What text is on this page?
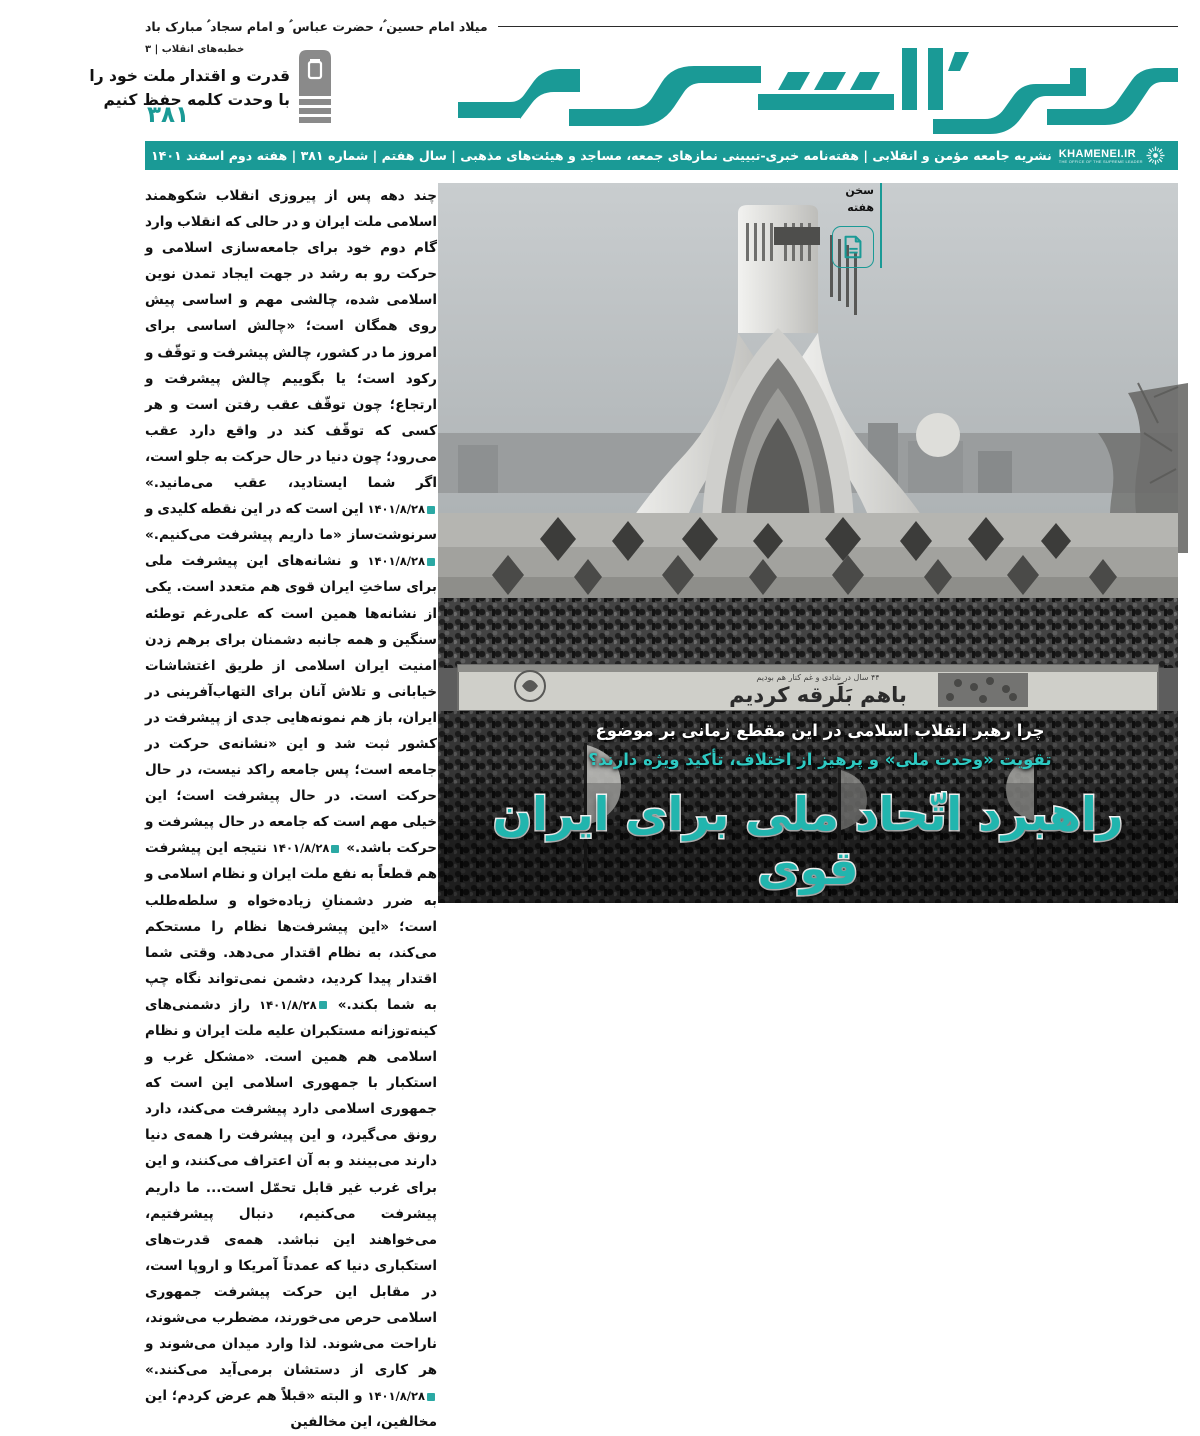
میلاد امام حسین ؑ، حضرت عباس ؑ و امام سجاد ؑ مبارک باد
۳۸۱
خطبه‌های انقلاب | ۳
قدرت و اقتدار ملت خود را
با وحدت کلمه حفظ کنیم
نشریه جامعه مؤمن و انقلابی | هفته‌نامه خبری-تبیینی نمازهای جمعه، مساجد و هیئت‌های مذهبی | سال هفتم | شماره ۳۸۱ | هفته دوم اسفند ۱۴۰۱ KHAMENEI.IR
THE OFFICE OF THE SUPREME LEADER
باهم بَلَرقه کردیم
۴۴ سال در شادی و غم کنار هم بودیم
چرا رهبر انقلاب اسلامی در این مقطع زمانی بر موضوع
تقویت «وحدت ملی» و پرهیز از اختلاف، تأکید ویژه دارند؟
راهبرد اتّحاد ملی برای ایران قوی
سخن
هفته

چند دهه پس از پیروزی انقلاب شکوهمند اسلامی ملت ایران و در حالی که انقلاب وارد گام دوم خود برای جامعه‌سازی اسلامی و حرکت رو به رشد در جهت ایجاد تمدن نوین اسلامی شده، چالشی مهم و اساسی پیش روی همگان است؛ «چالش اساسی برای امروز ما در کشور، چالش پیشرفت و توقّف و رکود است؛ یا بگوییم چالش پیشرفت و ارتجاع؛ چون توقّف عقب رفتن است و هر کسی که توقّف کند در واقع دارد عقب می‌رود؛ چون دنیا در حال حرکت به جلو است، اگر شما ایستادید، عقب می‌مانید.» ۱۴۰۱/۸/۲۸ این است که در این نقطه کلیدی و سرنوشت‌ساز «ما داریم پیشرفت می‌کنیم.» ۱۴۰۱/۸/۲۸ و نشانه‌های این پیشرفت ملی برای ساختِ ایران قوی هم متعدد است. یکی از نشانه‌ها همین است که علی‌رغم توطئه سنگین و همه جانبه دشمنان برای برهم زدن امنیت ایران اسلامی از طریق اغتشاشات خیابانی و تلاش آنان برای التهاب‌آفرینی در ایران، باز هم نمونه‌هایی جدی از پیشرفت در کشور ثبت شد و این «نشانه‌ی حرکت در جامعه است؛ پس جامعه راکد نیست، در حال حرکت است. در حال پیشرفت است؛ این خیلی مهم است که جامعه در حال پیشرفت و حرکت باشد.» ۱۴۰۱/۸/۲۸ نتیجه این پیشرفت هم قطعاً به نفع ملت ایران و نظام اسلامی و به ضرر دشمنانِ زیاده‌خواه و سلطه‌طلب است؛ «این پیشرفت‌ها نظام را مستحکم می‌کند، به نظام اقتدار می‌دهد. وقتی شما اقتدار پیدا کردید، دشمن نمی‌تواند نگاه چپ به شما بکند.» ۱۴۰۱/۸/۲۸ راز دشمنی‌های کینه‌توزانه مستکبران علیه ملت ایران و نظام اسلامی هم همین است. «مشکل غرب و استکبار با جمهوری اسلامی این است که جمهوری اسلامی دارد پیشرفت می‌کند، دارد رونق می‌گیرد، و این پیشرفت را همه‌ی دنیا دارند می‌بینند و به آن اعتراف می‌کنند، و این برای غرب غیر قابل تحمّل است... ما داریم پیشرفت می‌کنیم، دنبال پیشرفتیم، می‌خواهند این نباشد. همه‌ی قدرت‌های استکباری دنیا که عمدتاً آمریکا و اروپا است، در مقابل این حرکت پیشرفت جمهوری اسلامی حرص می‌خورند، مضطرب می‌شوند، ناراحت می‌شوند. لذا وارد میدان می‌شوند و هر کاری از دستشان برمی‌آید می‌کنند.» ۱۴۰۱/۸/۲۸ و البته «قبلاً هم عرض کردم؛ این مخالفین، این مخالفین
